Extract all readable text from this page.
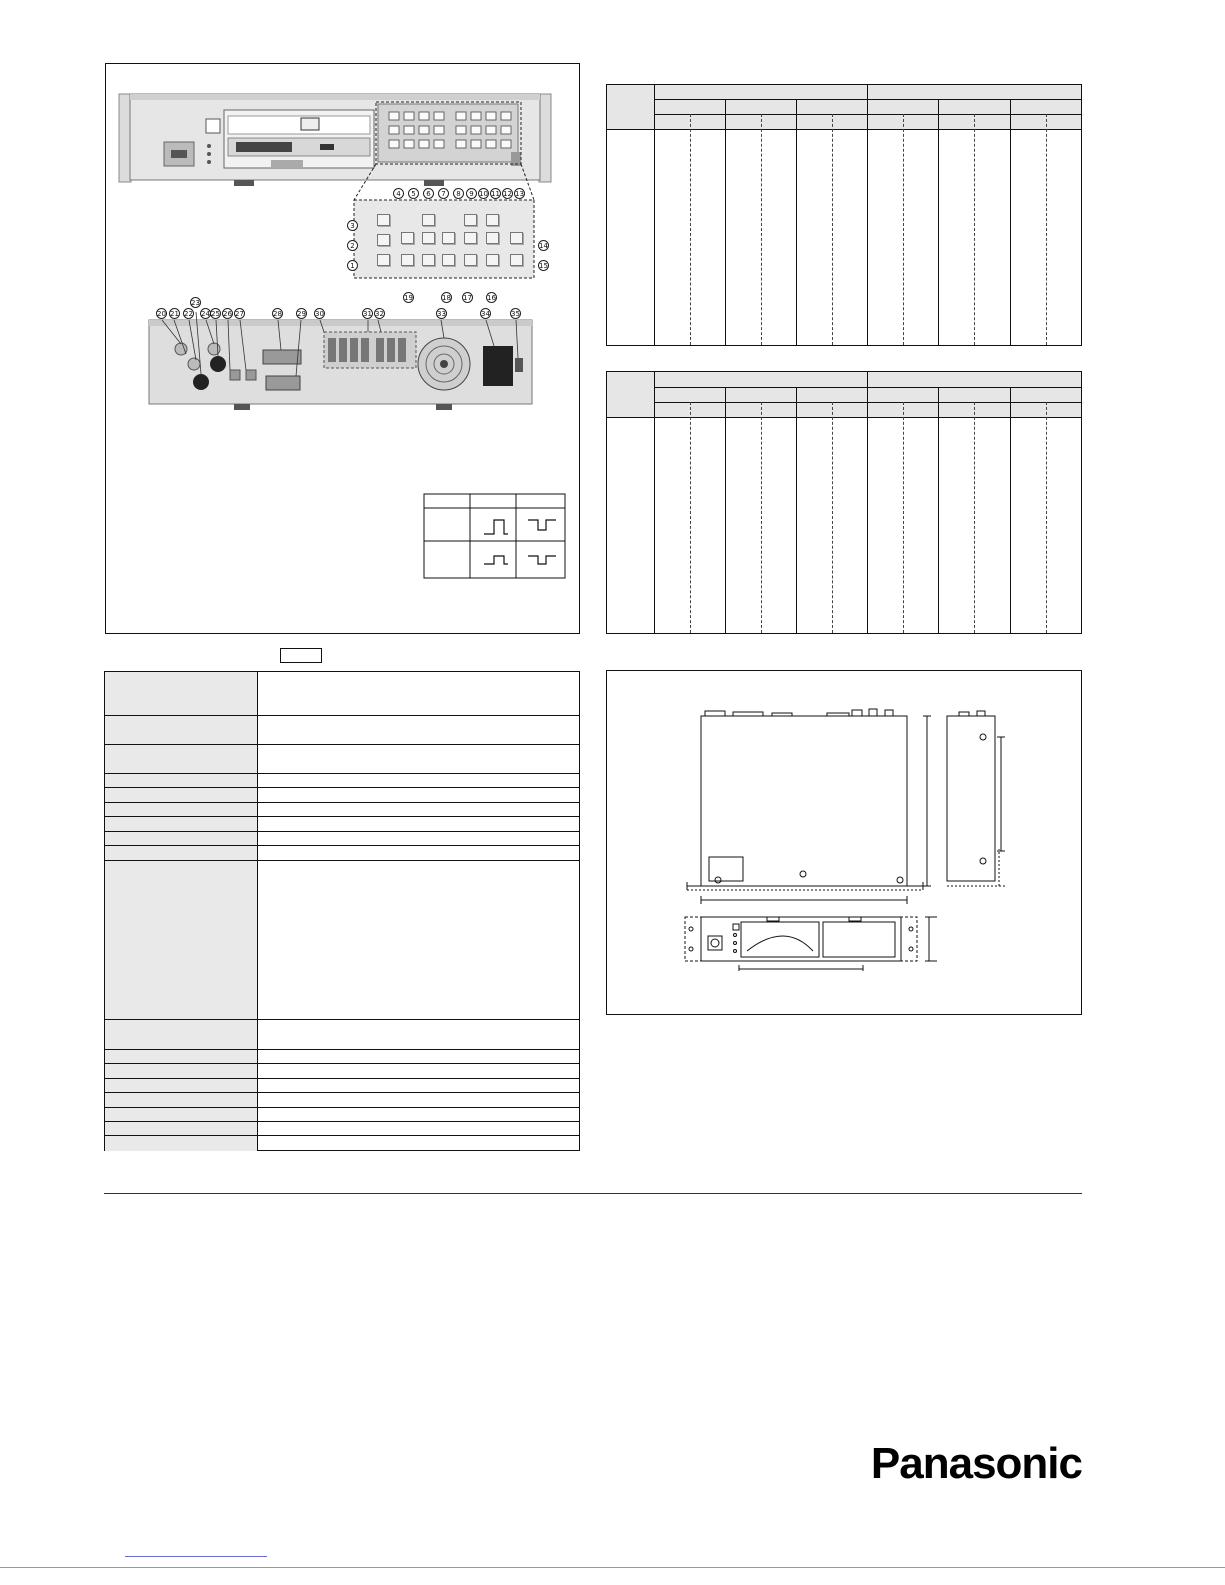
3
2
1
4	5	6	7	8	9 10 11 12 13
14
15
19	18 17 16
20 21 22
23
24 25 26 27	28 29 30	31 32	33	34	35
Panasonic
